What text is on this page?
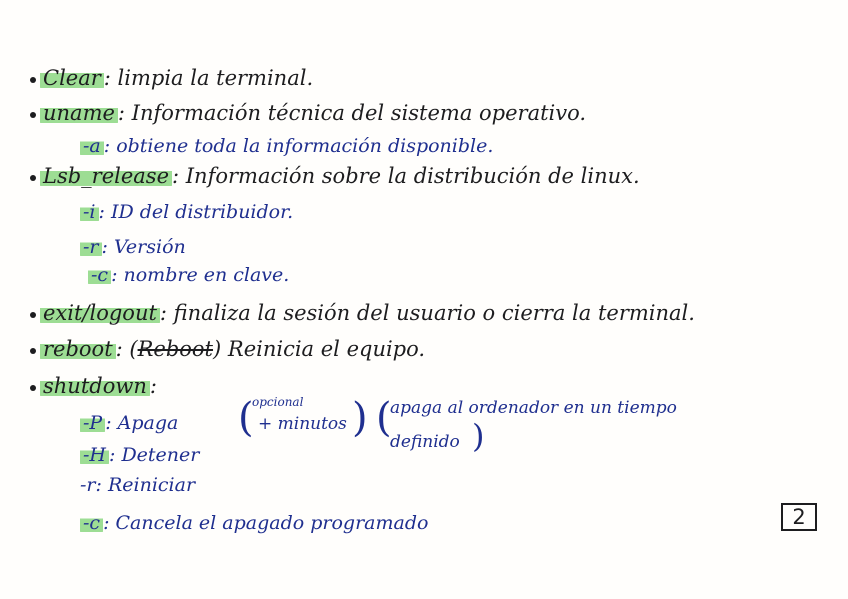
Clear : limpia la terminal.
uname : Información técnica del sistema operativo.
-a : obtiene toda la información disponible.
Lsb_release : Información sobre la distribución de linux.
-i : ID del distribuidor.
-r : Versión
-c : nombre en clave.
exit/logout : finaliza la sesión del usuario o cierra la terminal.
reboot : (Reboot) Reinicia el equipo.
shutdown :
-P : Apaga (
opcional
+ minutos ) (
apaga al ordenador en un tiempo
definido )
-H : Detener
-r: Reiniciar
-c : Cancela el apagado programado	2
